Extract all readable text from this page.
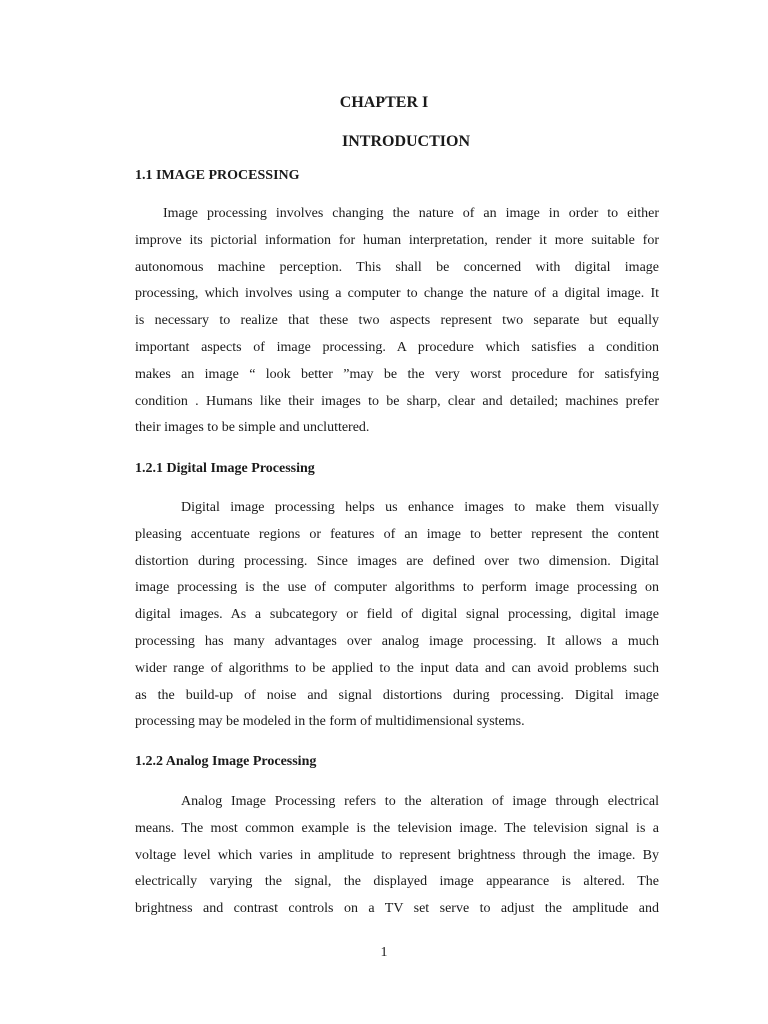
CHAPTER I
INTRODUCTION
1.1 IMAGE PROCESSING
Image processing involves changing the nature of an image in order to either
improve its pictorial information for human interpretation, render it more suitable for
autonomous machine perception. This shall be concerned with digital image
processing, which involves using a computer to change the nature of a digital image. It
is necessary to realize that these two aspects represent two separate but equally
important aspects of image processing. A procedure which satisfies a condition
makes an image “ look better ”may be the very worst procedure for satisfying
condition . Humans like their images to be sharp, clear and detailed; machines prefer
their images to be simple and uncluttered.
1.2.1 Digital Image Processing
Digital image processing helps us enhance images to make them visually
pleasing accentuate regions or features of an image to better represent the content
distortion during processing. Since images are defined over two dimension. Digital
image processing is the use of computer algorithms to perform image processing on
digital images. As a subcategory or field of digital signal processing, digital image
processing has many advantages over analog image processing. It allows a much
wider range of algorithms to be applied to the input data and can avoid problems such
as the build-up of noise and signal distortions during processing. Digital image
processing may be modeled in the form of multidimensional systems.
1.2.2 Analog Image Processing
Analog Image Processing refers to the alteration of image through electrical
means. The most common example is the television image. The television signal is a
voltage level which varies in amplitude to represent brightness through the image. By
electrically varying the signal, the displayed image appearance is altered. The
brightness and contrast controls on a TV set serve to adjust the amplitude and
1
